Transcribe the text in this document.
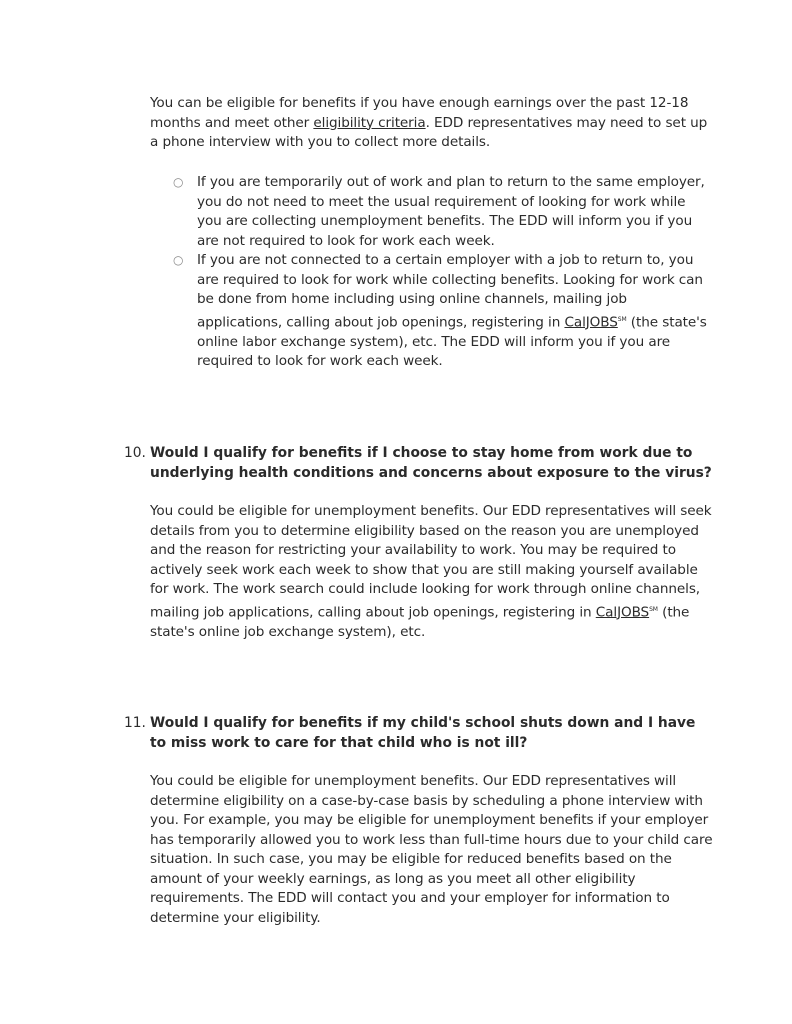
You can be eligible for benefits if you have enough earnings over the past 12-18 months and meet other eligibility criteria. EDD representatives may need to set up a phone interview with you to collect more details.

○ If you are temporarily out of work and plan to return to the same employer, you do not need to meet the usual requirement of looking for work while you are collecting unemployment benefits. The EDD will inform you if you are not required to look for work each week.
○ If you are not connected to a certain employer with a job to return to, you are required to look for work while collecting benefits. Looking for work can be done from home including using online channels, mailing job applications, calling about job openings, registering in CalJOBS℠ (the state's online labor exchange system), etc. The EDD will inform you if you are required to look for work each week.
10. Would I qualify for benefits if I choose to stay home from work due to underlying health conditions and concerns about exposure to the virus?

You could be eligible for unemployment benefits. Our EDD representatives will seek details from you to determine eligibility based on the reason you are unemployed and the reason for restricting your availability to work. You may be required to actively seek work each week to show that you are still making yourself available for work. The work search could include looking for work through online channels, mailing job applications, calling about job openings, registering in CalJOBS℠ (the state's online job exchange system), etc.

11. Would I qualify for benefits if my child's school shuts down and I have to miss work to care for that child who is not ill?

You could be eligible for unemployment benefits. Our EDD representatives will determine eligibility on a case-by-case basis by scheduling a phone interview with you. For example, you may be eligible for unemployment benefits if your employer has temporarily allowed you to work less than full-time hours due to your child care situation. In such case, you may be eligible for reduced benefits based on the amount of your weekly earnings, as long as you meet all other eligibility requirements. The EDD will contact you and your employer for information to determine your eligibility.
